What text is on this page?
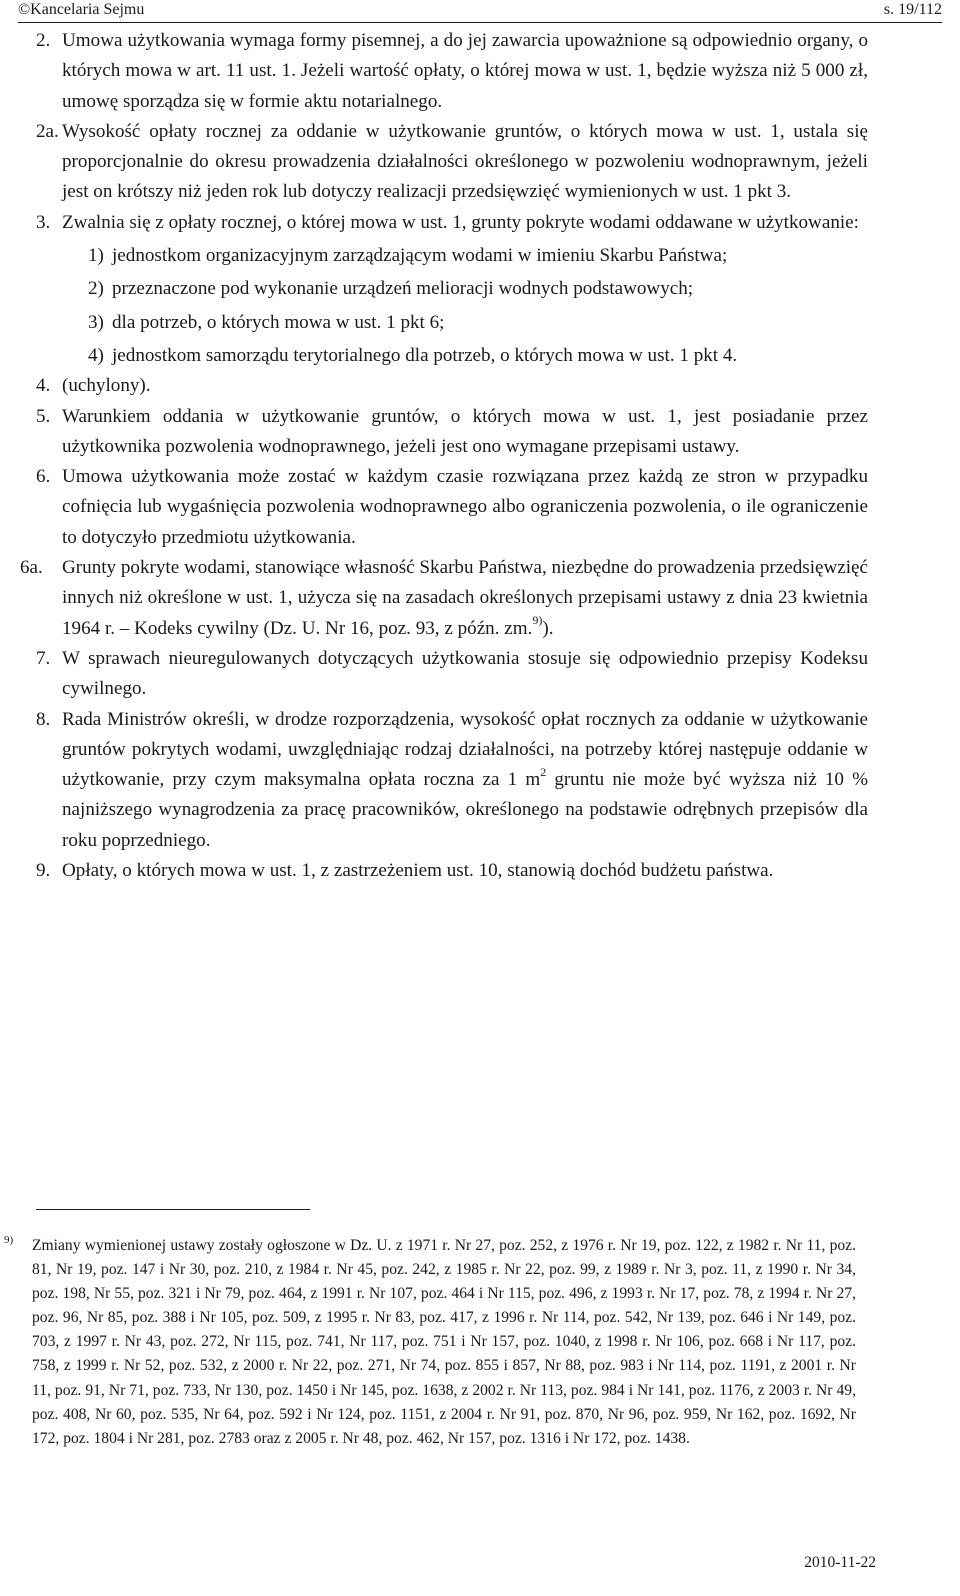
©Kancelaria Sejmu	s. 19/112
2. Umowa użytkowania wymaga formy pisemnej, a do jej zawarcia upoważnione są odpowiednio organy, o których mowa w art. 11 ust. 1. Jeżeli wartość opłaty, o której mowa w ust. 1, będzie wyższa niż 5 000 zł, umowę sporządza się w formie aktu notarialnego.
2a. Wysokość opłaty rocznej za oddanie w użytkowanie gruntów, o których mowa w ust. 1, ustala się proporcjonalnie do okresu prowadzenia działalności określonego w pozwoleniu wodnoprawnym, jeżeli jest on krótszy niż jeden rok lub dotyczy realizacji przedsięwzięć wymienionych w ust. 1 pkt 3.
3. Zwalnia się z opłaty rocznej, o której mowa w ust. 1, grunty pokryte wodami oddawane w użytkowanie:
1) jednostkom organizacyjnym zarządzającym wodami w imieniu Skarbu Państwa;
2) przeznaczone pod wykonanie urządzeń melioracji wodnych podstawowych;
3) dla potrzeb, o których mowa w ust. 1 pkt 6;
4) jednostkom samorządu terytorialnego dla potrzeb, o których mowa w ust. 1 pkt 4.
4. (uchylony).
5. Warunkiem oddania w użytkowanie gruntów, o których mowa w ust. 1, jest posiadanie przez użytkownika pozwolenia wodnoprawnego, jeżeli jest ono wymagane przepisami ustawy.
6. Umowa użytkowania może zostać w każdym czasie rozwiązana przez każdą ze stron w przypadku cofnięcia lub wygaśnięcia pozwolenia wodnoprawnego albo ograniczenia pozwolenia, o ile ograniczenie to dotyczyło przedmiotu użytkowania.
6a. Grunty pokryte wodami, stanowiące własność Skarbu Państwa, niezbędne do prowadzenia przedsięwzięć innych niż określone w ust. 1, użycza się na zasadach określonych przepisami ustawy z dnia 23 kwietnia 1964 r. – Kodeks cywilny (Dz. U. Nr 16, poz. 93, z późn. zm.$^{9)}$).
7. W sprawach nieuregulowanych dotyczących użytkowania stosuje się odpowiednio przepisy Kodeksu cywilnego.
8. Rada Ministrów określi, w drodze rozporządzenia, wysokość opłat rocznych za oddanie w użytkowanie gruntów pokrytych wodami, uwzględniając rodzaj działalności, na potrzeby której następuje oddanie w użytkowanie, przy czym maksymalna opłata roczna za 1 $m^2$ gruntu nie może być wyższa niż 10 % najniższego wynagrodzenia za pracę pracowników, określonego na podstawie odrębnych przepisów dla roku poprzedniego.
9. Opłaty, o których mowa w ust. 1, z zastrzeżeniem ust. 10, stanowią dochód budżetu państwa.
9)	Zmiany wymienionej ustawy zostały ogłoszone w Dz. U. z 1971 r. Nr 27, poz. 252, z 1976 r. Nr 19, poz. 122, z 1982 r. Nr 11, poz. 81, Nr 19, poz. 147 i Nr 30, poz. 210, z 1984 r. Nr 45, poz. 242, z 1985 r. Nr 22, poz. 99, z 1989 r. Nr 3, poz. 11, z 1990 r. Nr 34, poz. 198, Nr 55, poz. 321 i Nr 79, poz. 464, z 1991 r. Nr 107, poz. 464 i Nr 115, poz. 496, z 1993 r. Nr 17, poz. 78, z 1994 r. Nr 27, poz. 96, Nr 85, poz. 388 i Nr 105, poz. 509, z 1995 r. Nr 83, poz. 417, z 1996 r. Nr 114, poz. 542, Nr 139, poz. 646 i Nr 149, poz. 703, z 1997 r. Nr 43, poz. 272, Nr 115, poz. 741, Nr 117, poz. 751 i Nr 157, poz. 1040, z 1998 r. Nr 106, poz. 668 i Nr 117, poz. 758, z 1999 r. Nr 52, poz. 532, z 2000 r. Nr 22, poz. 271, Nr 74, poz. 855 i 857, Nr 88, poz. 983 i Nr 114, poz. 1191, z 2001 r. Nr 11, poz. 91, Nr 71, poz. 733, Nr 130, poz. 1450 i Nr 145, poz. 1638, z 2002 r. Nr 113, poz. 984 i Nr 141, poz. 1176, z 2003 r. Nr 49, poz. 408, Nr 60, poz. 535, Nr 64, poz. 592 i Nr 124, poz. 1151, z 2004 r. Nr 91, poz. 870, Nr 96, poz. 959, Nr 162, poz. 1692, Nr 172, poz. 1804 i Nr 281, poz. 2783 oraz z 2005 r. Nr 48, poz. 462, Nr 157, poz. 1316 i Nr 172, poz. 1438.
2010-11-22
